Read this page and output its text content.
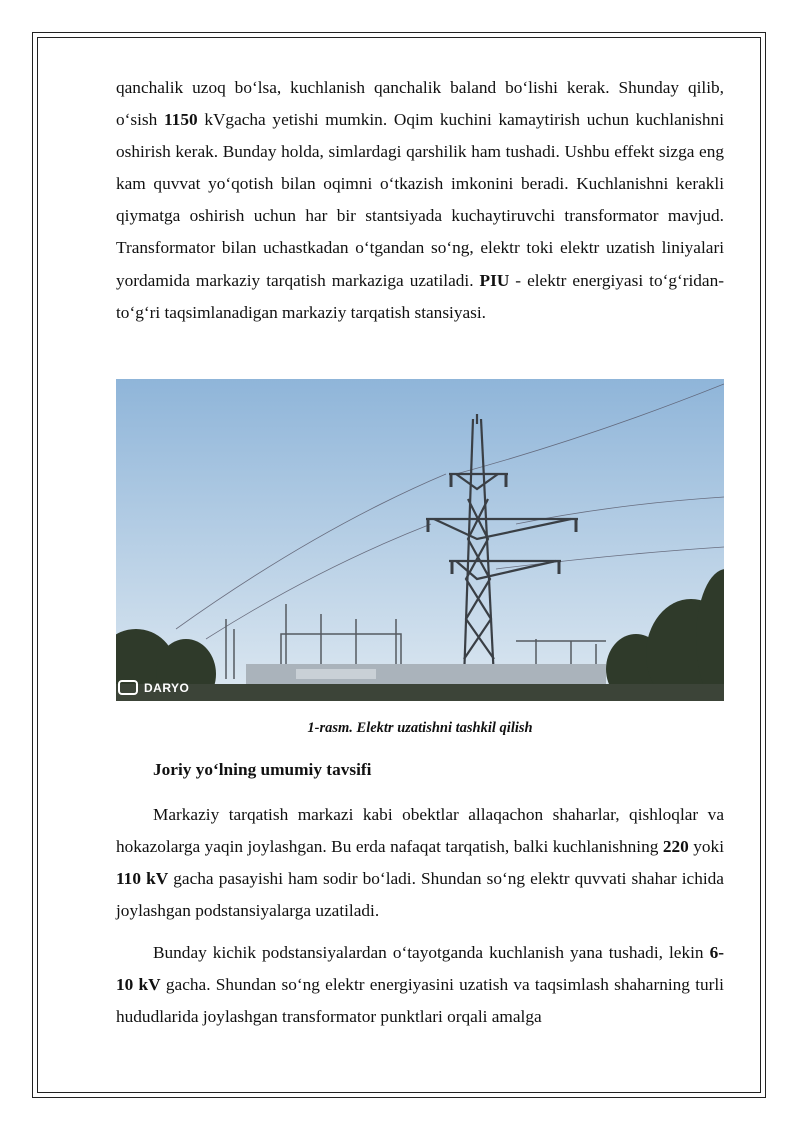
qanchalik uzoq bo‘lsa, kuchlanish qanchalik baland bo‘lishi kerak. Shunday qilib, o‘sish 1150 kVgacha yetishi mumkin. Oqim kuchini kamaytirish uchun kuchlanishni oshirish kerak. Bunday holda, simlardagi qarshilik ham tushadi. Ushbu effekt sizga eng kam quvvat yo‘qotish bilan oqimni o‘tkazish imkonini beradi. Kuchlanishni kerakli qiymatga oshirish uchun har bir stantsiyada kuchaytiruvchi transformator mavjud. Transformator bilan uchastkadan o‘tgandan so‘ng, elektr toki elektr uzatish liniyalari yordamida markaziy tarqatish markaziga uzatiladi. PIU - elektr energiyasi to‘g‘ridan-to‘g‘ri taqsimlanadigan markaziy tarqatish stansiyasi.

DARYO

1-rasm. Elektr uzatishni tashkil qilish

Joriy yo‘lning umumiy tavsifi

Markaziy tarqatish markazi kabi obektlar allaqachon shaharlar, qishloqlar va hokazolarga yaqin joylashgan. Bu erda nafaqat tarqatish, balki kuchlanishning 220 yoki 110 kV gacha pasayishi ham sodir bo‘ladi. Shundan so‘ng elektr quvvati shahar ichida joylashgan podstansiyalarga uzatiladi.

Bunday kichik podstansiyalardan o‘tayotganda kuchlanish yana tushadi, lekin 6-10 kV gacha. Shundan so‘ng elektr energiyasini uzatish va taqsimlash shaharning turli hududlarida joylashgan transformator punktlari orqali amalga
